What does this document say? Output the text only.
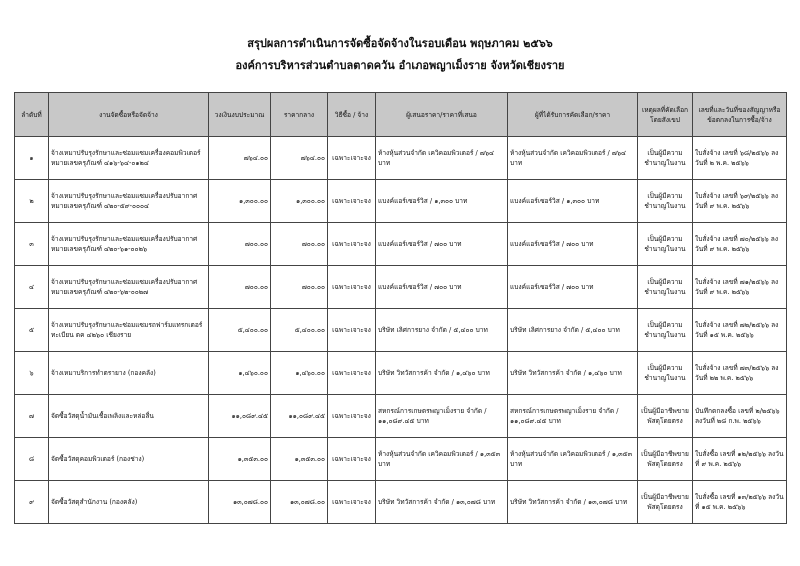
สรุปผลการดำเนินการจัดซื้อจัดจ้างในรอบเดือน พฤษภาคม ๒๕๖๖
องค์การบริหารส่วนตำบลตาดควัน อำเภอพญาเม็งราย จังหวัดเชียงราย
ลำดับที่	งานจัดซื้อหรือจัดจ้าง	วงเงินงบประมาณ	ราคากลาง	วิธีซื้อ / จ้าง	ผู้เสนอราคา/ราคาที่เสนอ	ผู้ที่ได้รับการคัดเลือก/ราคา	เหตุผลที่คัดเลือกโดยสังเขป	เลขที่และวันที่ของสัญญาหรือข้อตกลงในการซื้อ/จ้าง
๑	จ้างเหมาปรับรุงรักษาและซ่อมแซมเครื่องคอมพิวเตอร์ หมายเลขครุภัณฑ์ ๔๑๖-๖๔-๐๑๒๔	๗๖๔.๐๐	๗๖๔.๐๐	เฉพาะเจาะจง	ห้างหุ้นส่วนจำกัด เควิคอมพิวเตอร์ / ๗๖๔ บาท	ห้างหุ้นส่วนจำกัด เควิคอมพิวเตอร์ / ๗๖๔ บาท	เป็นผู้มีความชำนาญในงาน	ใบสั่งจ้าง เลขที่ ๖๘/๒๕๖๖ ลงวันที่ ๒ พ.ค. ๒๕๖๖
๒	จ้างเหมาปรับรุงรักษาและซ่อมแซมเครื่องปรับอากาศ หมายเลขครุภัณฑ์ ๔๒๐-๕๙-๐๐๐๔	๑,๓๐๐.๐๐	๑,๓๐๐.๐๐	เฉพาะเจาะจง	แบงค์แอร์เซอร์วิส / ๑,๓๐๐ บาท	แบงค์แอร์เซอร์วิส / ๑,๓๐๐ บาท	เป็นผู้มีความชำนาญในงาน	ใบสั่งจ้าง เลขที่ ๖๙/๒๕๖๖ ลงวันที่ ๙ พ.ค. ๒๕๖๖
๓	จ้างเหมาปรับรุงรักษาและซ่อมแซมเครื่องปรับอากาศ หมายเลขครุภัณฑ์ ๔๒๐-๖๑-๐๐๒๖	๗๐๐.๐๐	๗๐๐.๐๐	เฉพาะเจาะจง	แบงค์แอร์เซอร์วิส / ๗๐๐ บาท	แบงค์แอร์เซอร์วิส / ๗๐๐ บาท	เป็นผู้มีความชำนาญในงาน	ใบสั่งจ้าง เลขที่ ๗๐/๒๕๖๖ ลงวันที่ ๙ พ.ค. ๒๕๖๖
๔	จ้างเหมาปรับรุงรักษาและซ่อมแซมเครื่องปรับอากาศ หมายเลขครุภัณฑ์ ๔๒๐-๖๒-๐๐๒๗	๗๐๐.๐๐	๗๐๐.๐๐	เฉพาะเจาะจง	แบงค์แอร์เซอร์วิส / ๗๐๐ บาท	แบงค์แอร์เซอร์วิส / ๗๐๐ บาท	เป็นผู้มีความชำนาญในงาน	ใบสั่งจ้าง เลขที่ ๗๑/๒๕๖๖ ลงวันที่ ๙ พ.ค. ๒๕๖๖
๕	จ้างเหมาปรับรุงรักษาและซ่อมแซมรถฟาร์มแทรกเตอร์ ทะเบียน ตค ๔๒๖๐ เชียงราย	๕,๔๐๐.๐๐	๕,๔๐๐.๐๐	เฉพาะเจาะจง	บริษัท เลิศการยาง จำกัด / ๕,๔๐๐ บาท	บริษัท เลิศการยาง จำกัด / ๕,๔๐๐ บาท	เป็นผู้มีความชำนาญในงาน	ใบสั่งจ้าง เลขที่ ๗๒/๒๕๖๖ ลงวันที่ ๑๕ พ.ค. ๒๕๖๖
๖	จ้างเหมาบริการทำตรายาง (กองคลัง)	๑,๔๖๐.๐๐	๑,๔๖๐.๐๐	เฉพาะเจาะจง	บริษัท วิทวัสการค้า จำกัด / ๑,๔๖๐ บาท	บริษัท วิทวัสการค้า จำกัด / ๑,๔๖๐ บาท	เป็นผู้มีความชำนาญในงาน	ใบสั่งจ้าง เลขที่ ๗๓/๒๕๖๖ ลงวันที่ ๒๒ พ.ค. ๒๕๖๖
๗	จัดซื้อวัสดุน้ำมันเชื้อเพลิงและหล่อลื่น	๑๑,๐๘๙.๔๕	๑๑,๐๘๙.๔๕	เฉพาะเจาะจง	สหกรณ์การเกษตรพญาเม็งราย จำกัด / ๑๑,๐๘๙.๔๕ บาท	สหกรณ์การเกษตรพญาเม็งราย จำกัด / ๑๑,๐๘๙.๔๕ บาท	เป็นผู้มีอาชีพขายพัสดุโดยตรง	บันทึกตกลงซื้อ เลขที่ ๒/๒๕๖๖ ลงวันที่ ๒๘ ก.พ. ๒๕๖๖
๘	จัดซื้อวัสดุคอมพิวเตอร์ (กองช่าง)	๑,๓๕๓.๐๐	๑,๓๕๓.๐๐	เฉพาะเจาะจง	ห้างหุ้นส่วนจำกัด เควิคอมพิวเตอร์ / ๑,๓๕๓ บาท	ห้างหุ้นส่วนจำกัด เควิคอมพิวเตอร์ / ๑,๓๕๓ บาท	เป็นผู้มีอาชีพขายพัสดุโดยตรง	ใบสั่งซื้อ เลขที่ ๑๒/๒๕๖๖ ลงวันที่ ๙ พ.ค. ๒๕๖๖
๙	จัดซื้อวัสดุสำนักงาน (กองคลัง)	๑๓,๐๗๘.๐๐	๑๓,๐๗๘.๐๐	เฉพาะเจาะจง	บริษัท วิทวัสการค้า จำกัด / ๑๓,๐๗๘ บาท	บริษัท วิทวัสการค้า จำกัด / ๑๓,๐๗๘ บาท	เป็นผู้มีอาชีพขายพัสดุโดยตรง	ใบสั่งซื้อ เลขที่ ๑๓/๒๕๖๖ ลงวันที่ ๑๕ พ.ค. ๒๕๖๖
